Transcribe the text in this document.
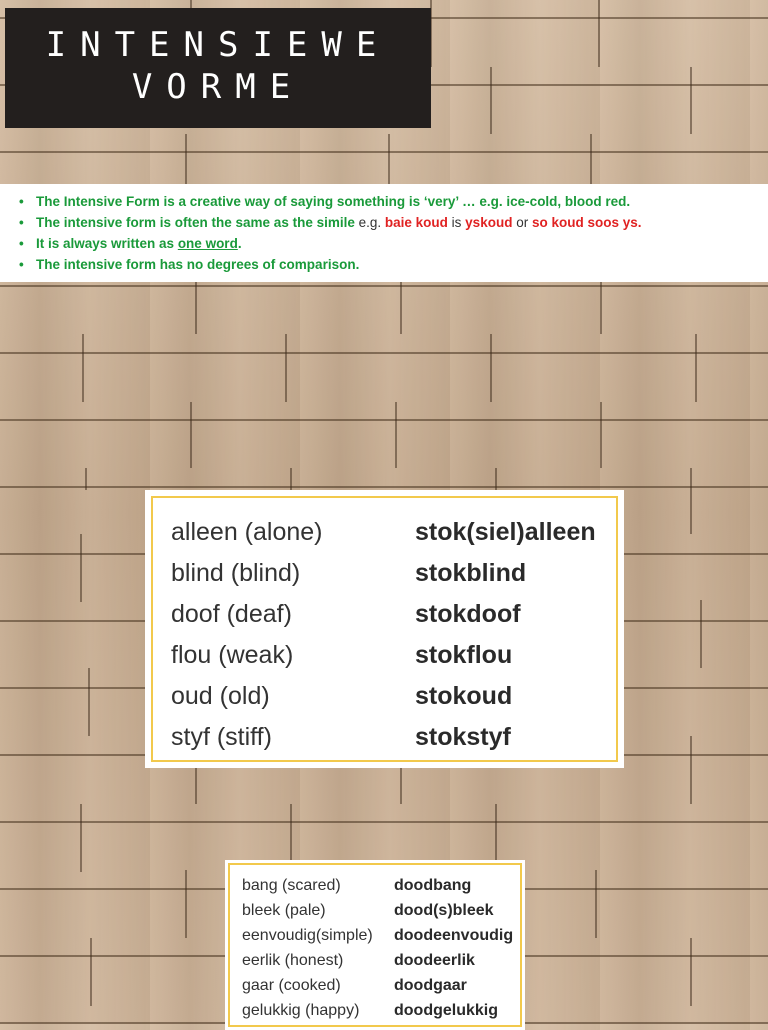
INTENSIEWE
VORME
• The Intensive Form is a creative way of saying something is ‘very’ … e.g. ice-cold, blood red.
• The intensive form is often the same as the simile e.g. baie koud is yskoud or so koud soos ys.
• It is always written as one word.
• The intensive form has no degrees of comparison.
alleen (alone)	stok(siel)alleen
blind (blind)	stokblind
doof (deaf)	stokdoof
flou (weak)	stokflou
oud (old)	stokoud
styf (stiff)	stokstyf
bang (scared)	doodbang
bleek (pale)	dood(s)bleek
eenvoudig(simple)	doodeenvoudig
eerlik (honest)	doodeerlik
gaar (cooked)	doodgaar
gelukkig (happy)	doodgelukkig
